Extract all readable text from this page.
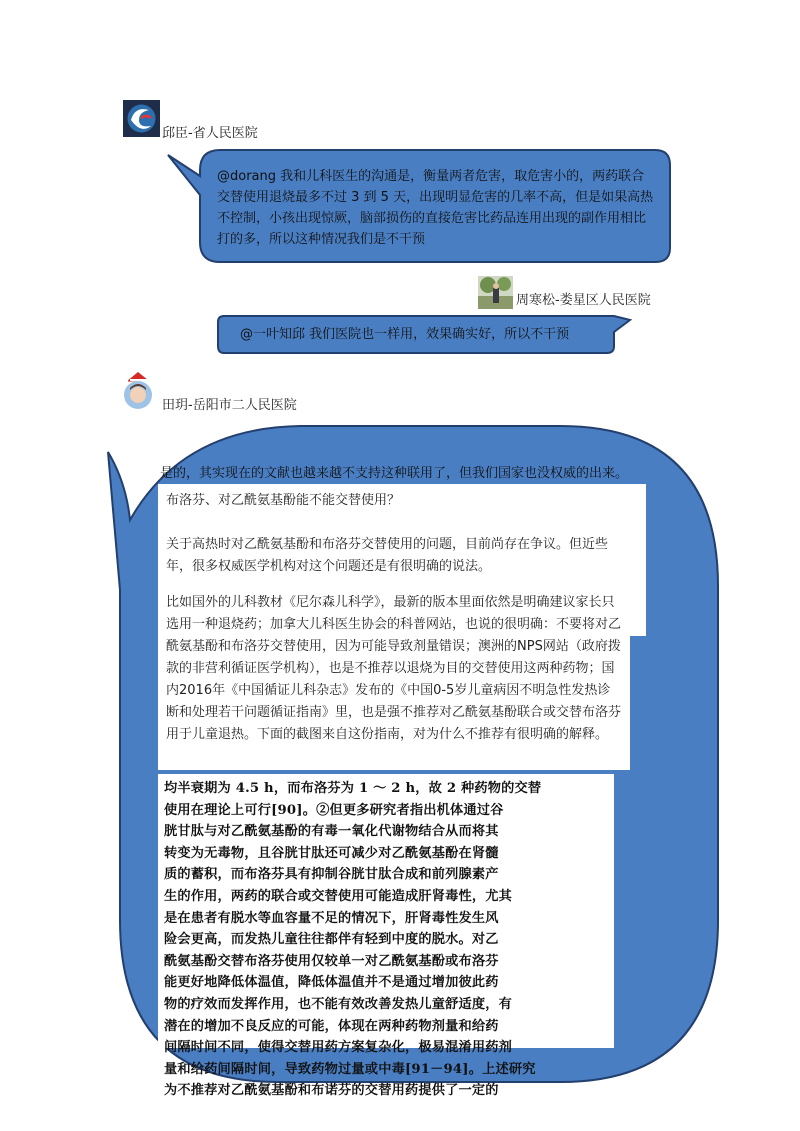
邱臣-省人民医院
@dorang 我和儿科医生的沟通是，衡量两者危害，取危害小的，两药联合交替使用退烧最多不过 3 到 5 天，出现明显危害的几率不高，但是如果高热不控制，小孩出现惊厥，脑部损伤的直接危害比药品连用出现的副作用相比打的多，所以这种情况我们是不干预
周寒松-娄星区人民医院
@一叶知邱 我们医院也一样用，效果确实好，所以不干预
田玥-岳阳市二人民医院
是的，其实现在的文献也越来越不支持这种联用了，但我们国家也没权威的出来。

布洛芬、对乙酰氨基酚能不能交替使用？

关于高热时对乙酰氨基酚和布洛芬交替使用的问题，目前尚存在争议。但近些年，很多权威医学机构对这个问题还是有很明确的说法。

比如国外的儿科教材《尼尔森儿科学》，最新的版本里面依然是明确建议家长只选用一种退烧药；加拿大儿科医生协会的科普网站，也说的很明确：不要将对乙酰氨基酚和布洛芬交替使用，因为可能导致剂量错误；澳洲的NPS网站（政府拨款的非营利循证医学机构），也是不推荐以退烧为目的交替使用这两种药物；国内2016年《中国循证儿科杂志》发布的《中国0-5岁儿童病因不明急性发热诊断和处理若干问题循证指南》里，也是强不推荐对乙酰氨基酚联合或交替布洛芬用于儿童退热。下面的截图来自这份指南，对为什么不推荐有很明确的解释。

均半衰期为 4.5 h，而布洛芬为 1 ～ 2 h，故 2 种药物的交替
使用在理论上可行[90]。②但更多研究者指出机体通过谷
胱甘肽与对乙酰氨基酚的有毒一氧化代谢物结合从而将其
转变为无毒物，且谷胱甘肽还可减少对乙酰氨基酚在肾髓
质的蓄积，而布洛芬具有抑制谷胱甘肽合成和前列腺素产
生的作用，两药的联合或交替使用可能造成肝肾毒性，尤其
是在患者有脱水等血容量不足的情况下，肝肾毒性发生风
险会更高，而发热儿童往往都伴有轻到中度的脱水。对乙
酰氨基酚交替布洛芬使用仅较单一对乙酰氨基酚或布洛芬
能更好地降低体温值，降低体温值并不是通过增加彼此药
物的疗效而发挥作用，也不能有效改善发热儿童舒适度，有
潜在的增加不良反应的可能，体现在两种药物剂量和给药
间隔时间不同，使得交替用药方案复杂化，极易混淆用药剂
量和给药间隔时间，导致药物过量或中毒[91－94]。上述研究
为不推荐对乙酰氨基酚和布诺芬的交替用药提供了一定的
